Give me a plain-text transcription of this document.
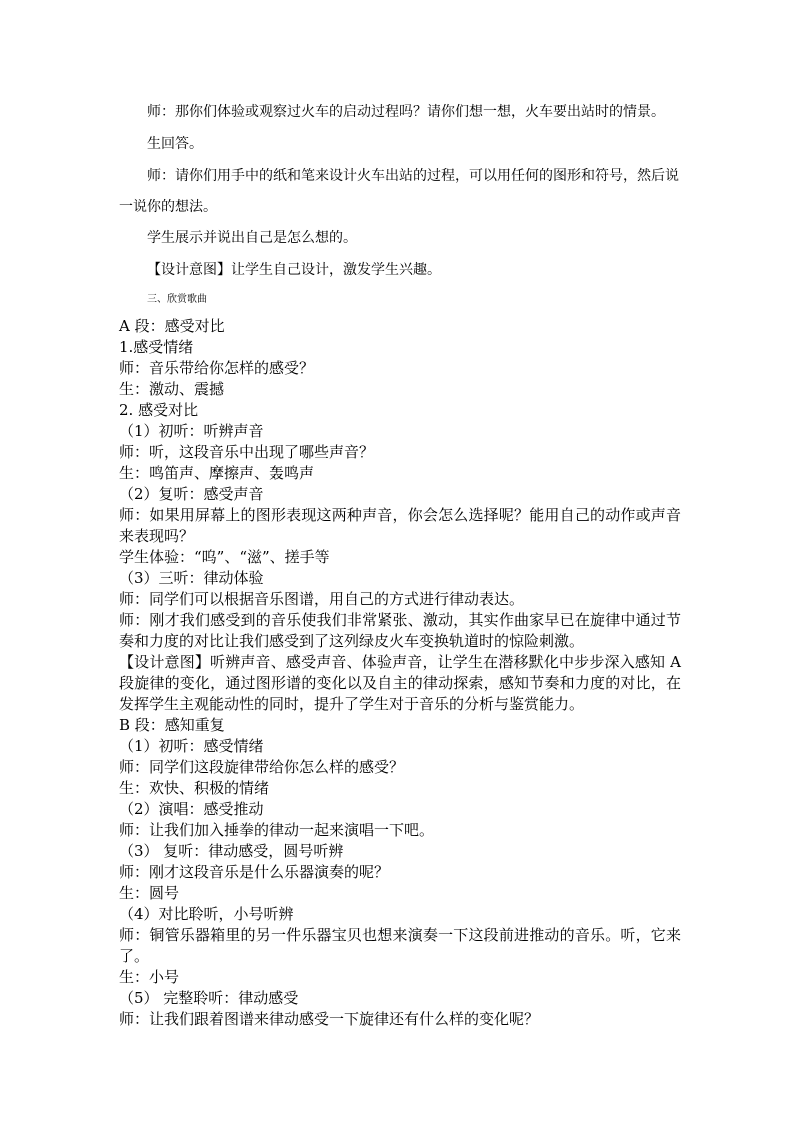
师：那你们体验或观察过火车的启动过程吗？请你们想一想，火车要出站时的情景。
生回答。
师：请你们用手中的纸和笔来设计火车出站的过程，可以用任何的图形和符号，然后说
一说你的想法。
学生展示并说出自己是怎么想的。
【设计意图】让学生自己设计，激发学生兴趣。
三、欣赏歌曲
A 段：感受对比
1.感受情绪
师：音乐带给你怎样的感受？
生：激动、震撼
2. 感受对比
（1）初听：听辨声音
师：听，这段音乐中出现了哪些声音？
生：鸣笛声、摩擦声、轰鸣声
（2）复听：感受声音
师：如果用屏幕上的图形表现这两种声音，你会怎么选择呢？能用自己的动作或声音来表现吗？
学生体验：“呜”、“滋”、搓手等
（3）三听：律动体验
师：同学们可以根据音乐图谱，用自己的方式进行律动表达。
师：刚才我们感受到的音乐使我们非常紧张、激动，其实作曲家早已在旋律中通过节奏和力度的对比让我们感受到了这列绿皮火车变换轨道时的惊险刺激。
【设计意图】听辨声音、感受声音、体验声音，让学生在潜移默化中步步深入感知 A 段旋律的变化，通过图形谱的变化以及自主的律动探索，感知节奏和力度的对比，在发挥学生主观能动性的同时，提升了学生对于音乐的分析与鉴赏能力。
B 段：感知重复
（1）初听：感受情绪
师：同学们这段旋律带给你怎么样的感受？
生：欢快、积极的情绪
（2）演唱：感受推动
师：让我们加入捶拳的律动一起来演唱一下吧。
（3） 复听：律动感受，圆号听辨
师：刚才这段音乐是什么乐器演奏的呢？
生：圆号
（4）对比聆听，小号听辨
师：铜管乐器箱里的另一件乐器宝贝也想来演奏一下这段前进推动的音乐。听，它来了。
生：小号
（5） 完整聆听：律动感受
师：让我们跟着图谱来律动感受一下旋律还有什么样的变化呢？
